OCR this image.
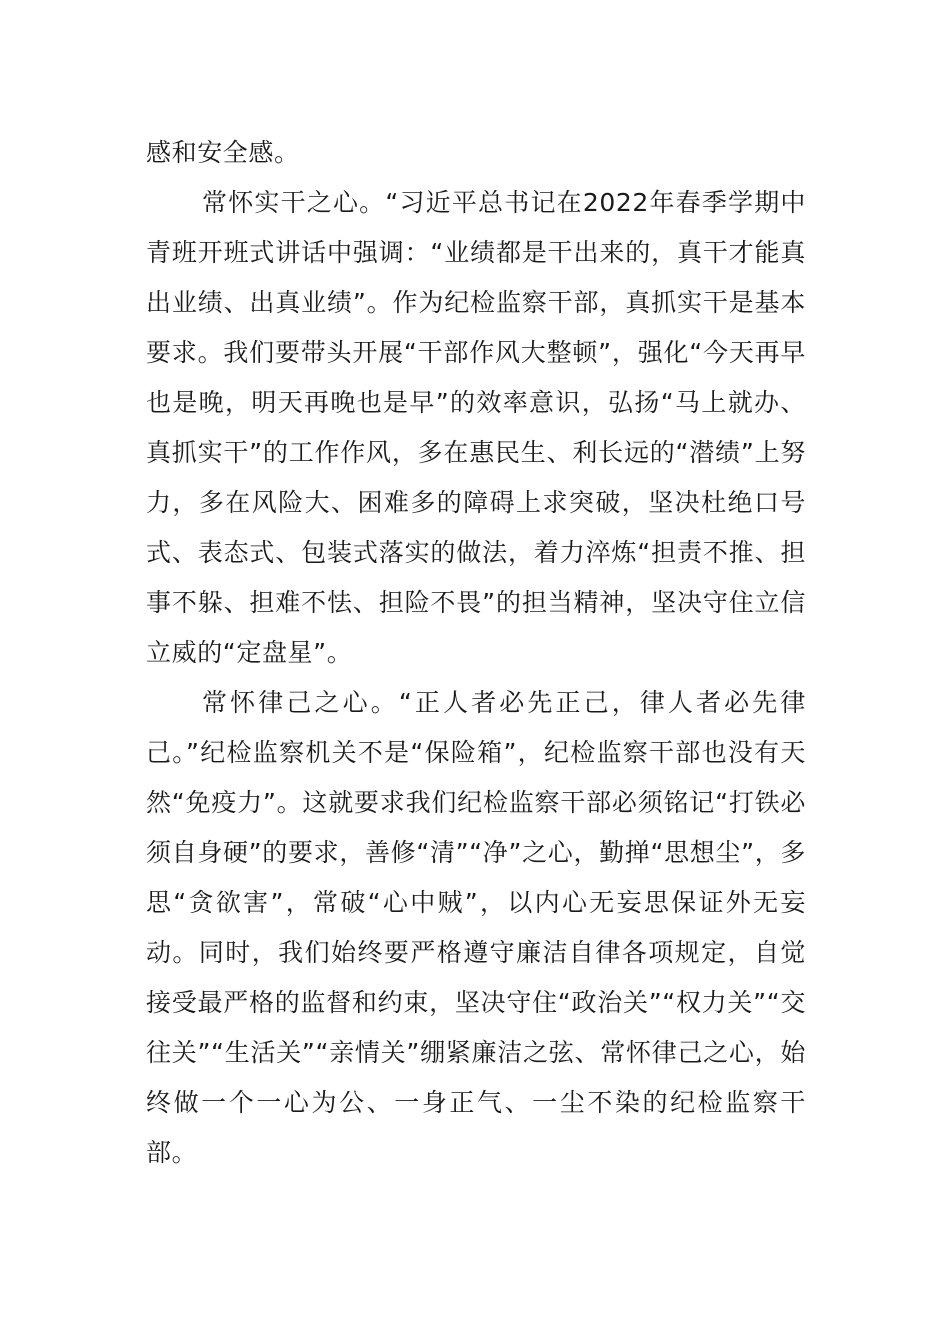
感和安全感。

常怀实干之心。“习近平总书记在2022年春季学期中青班开班式讲话中强调：“业绩都是干出来的，真干才能真出业绩、出真业绩”。作为纪检监察干部，真抓实干是基本要求。我们要带头开展“干部作风大整顿”，强化“今天再早也是晚，明天再晚也是早”的效率意识，弘扬“马上就办、真抓实干”的工作作风，多在惠民生、利长远的“潜绩”上努力，多在风险大、困难多的障碍上求突破，坚决杜绝口号式、表态式、包装式落实的做法，着力淬炼“担责不推、担事不躲、担难不怯、担险不畏”的担当精神，坚决守住立信立威的“定盘星”。

常怀律己之心。“正人者必先正己，律人者必先律己。”纪检监察机关不是“保险箱”，纪检监察干部也没有天然“免疫力”。这就要求我们纪检监察干部必须铭记“打铁必须自身硬”的要求，善修“清”“净”之心，勤掸“思想尘”，多思“贪欲害”，常破“心中贼”，以内心无妄思保证外无妄动。同时，我们始终要严格遵守廉洁自律各项规定，自觉接受最严格的监督和约束，坚决守住“政治关”“权力关”“交往关”“生活关”“亲情关”绷紧廉洁之弦、常怀律己之心，始终做一个一心为公、一身正气、一尘不染的纪检监察干部。
